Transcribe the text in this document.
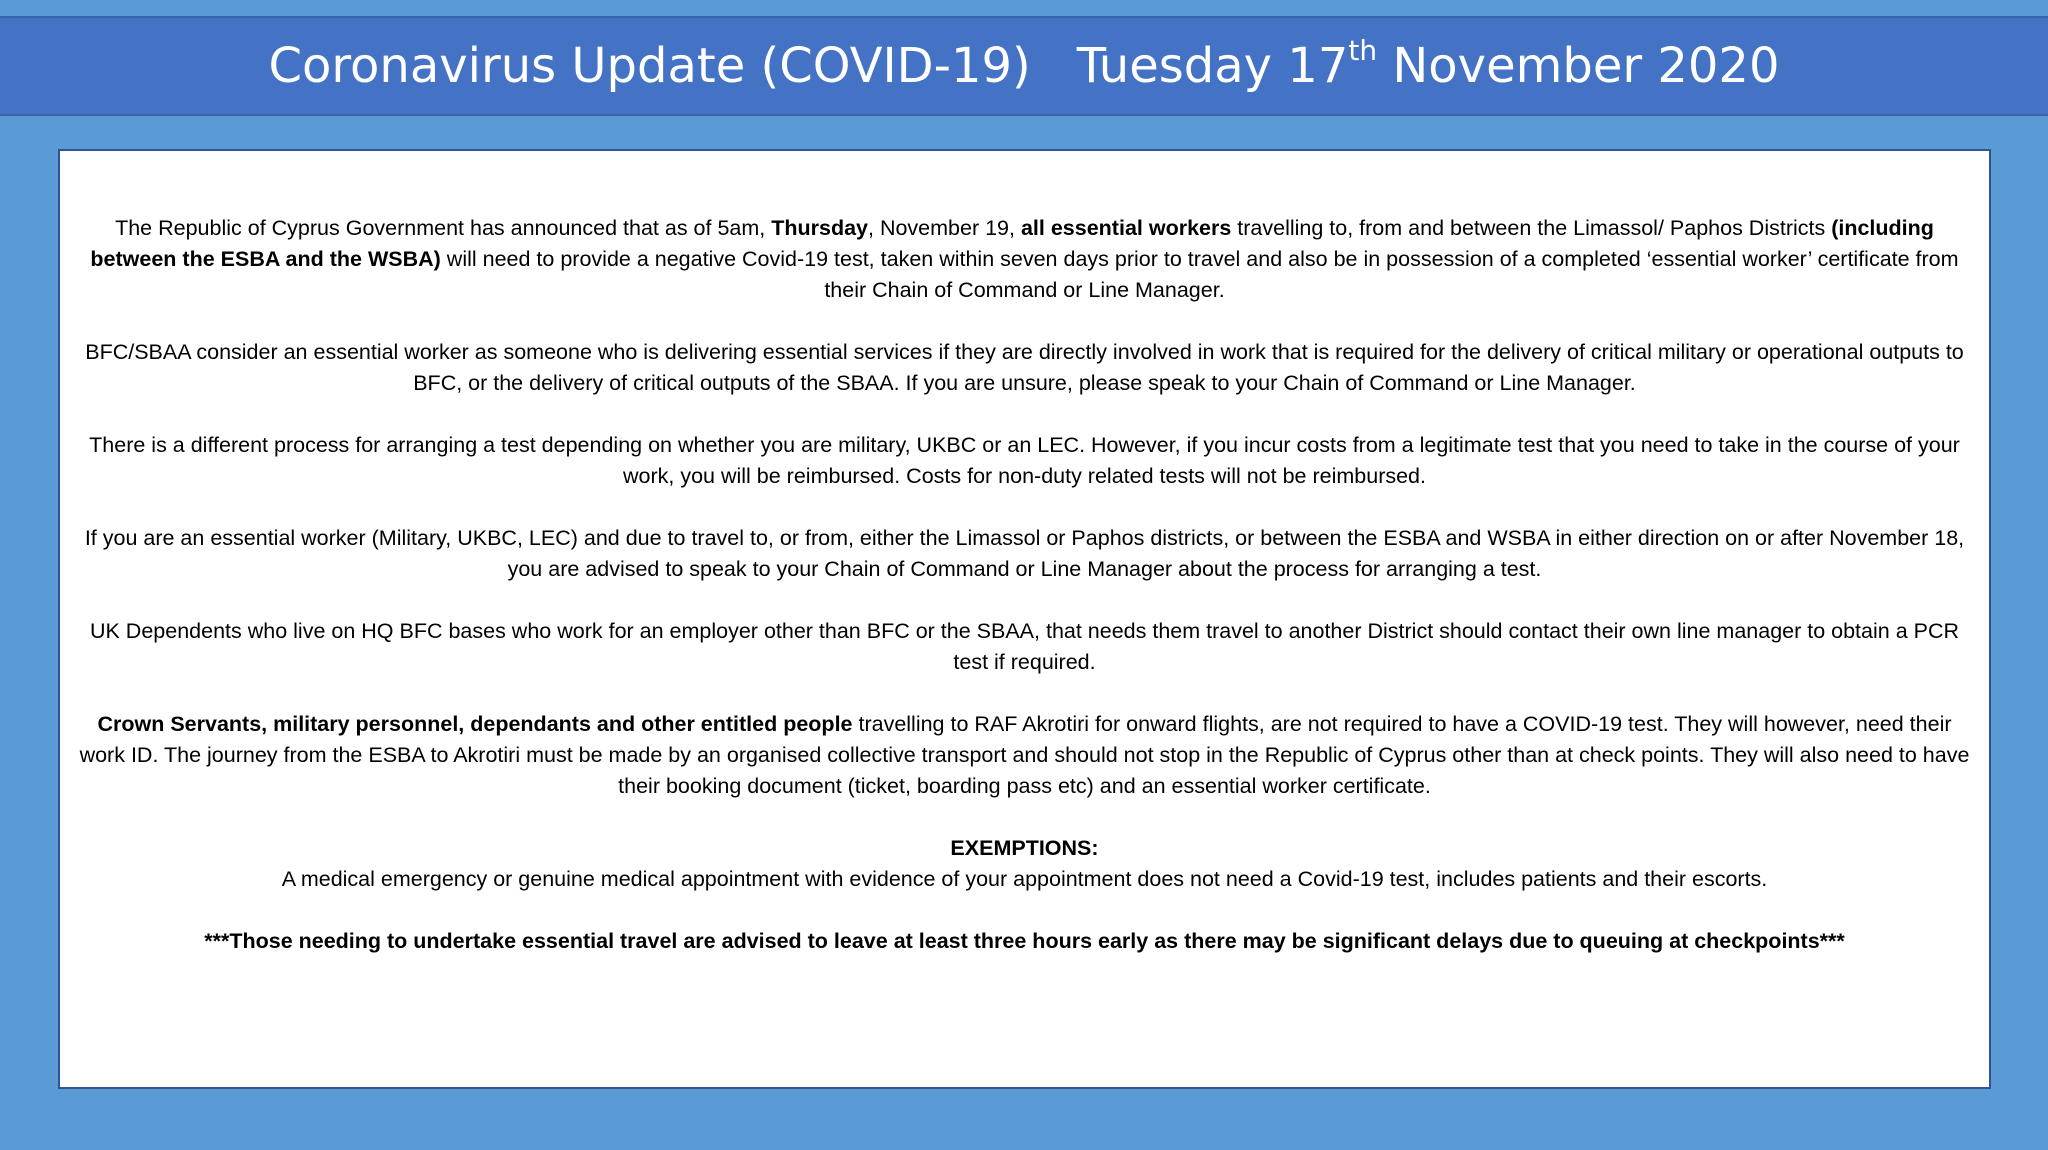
Coronavirus Update (COVID-19) Tuesday 17th November 2020

The Republic of Cyprus Government has announced that as of 5am, Thursday, November 19, all essential workers travelling to, from and between the Limassol/ Paphos Districts (including between the ESBA and the WSBA) will need to provide a negative Covid-19 test, taken within seven days prior to travel and also be in possession of a completed ‘essential worker’ certificate from their Chain of Command or Line Manager.

BFC/SBAA consider an essential worker as someone who is delivering essential services if they are directly involved in work that is required for the delivery of critical military or operational outputs to BFC, or the delivery of critical outputs of the SBAA. If you are unsure, please speak to your Chain of Command or Line Manager.

There is a different process for arranging a test depending on whether you are military, UKBC or an LEC. However, if you incur costs from a legitimate test that you need to take in the course of your work, you will be reimbursed. Costs for non-duty related tests will not be reimbursed.

If you are an essential worker (Military, UKBC, LEC) and due to travel to, or from, either the Limassol or Paphos districts, or between the ESBA and WSBA in either direction on or after November 18, you are advised to speak to your Chain of Command or Line Manager about the process for arranging a test.

UK Dependents who live on HQ BFC bases who work for an employer other than BFC or the SBAA, that needs them travel to another District should contact their own line manager to obtain a PCR test if required.

Crown Servants, military personnel, dependants and other entitled people travelling to RAF Akrotiri for onward flights, are not required to have a COVID-19 test. They will however, need their work ID. The journey from the ESBA to Akrotiri must be made by an organised collective transport and should not stop in the Republic of Cyprus other than at check points. They will also need to have their booking document (ticket, boarding pass etc) and an essential worker certificate.

EXEMPTIONS:
A medical emergency or genuine medical appointment with evidence of your appointment does not need a Covid-19 test, includes patients and their escorts.

***Those needing to undertake essential travel are advised to leave at least three hours early as there may be significant delays due to queuing at checkpoints***
